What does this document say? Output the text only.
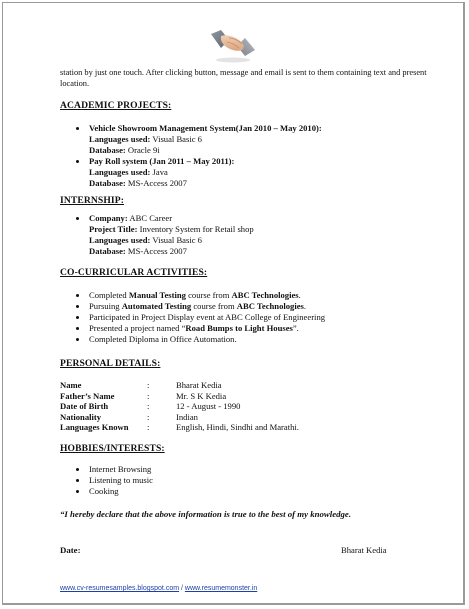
station by just one touch. After clicking button, message and email is sent to them containing text and present location.
ACADEMIC PROJECTS:
Vehicle Showroom Management System(Jan 2010 – May 2010):
Languages used: Visual Basic 6
Database: Oracle 9i
Pay Roll system (Jan 2011 – May 2011):
Languages used: Java
Database: MS-Access 2007
INTERNSHIP:
Company: ABC Career
Project Title: Inventory System for Retail shop
Languages used: Visual Basic 6
Database: MS-Access 2007
CO-CURRICULAR ACTIVITIES:
Completed Manual Testing course from ABC Technologies.
Pursuing Automated Testing course from ABC Technologies.
Participated in Project Display event at ABC College of Engineering
Presented a project named “Road Bumps to Light Houses”.
Completed Diploma in Office Automation.
PERSONAL DETAILS:
Name	:	Bharat Kedia
Father’s Name	:	Mr. S K Kedia
Date of Birth	:	12 - August - 1990
Nationality	:	Indian
Languages Known :	English, Hindi, Sindhi and Marathi.
HOBBIES/INTERESTS:
Internet Browsing
Listening to music
Cooking
“I hereby declare that the above information is true to the best of my knowledge.
Date:	Bharat Kedia
www.cv-resumesamples.blogspot.com / www.resumemonster.in
